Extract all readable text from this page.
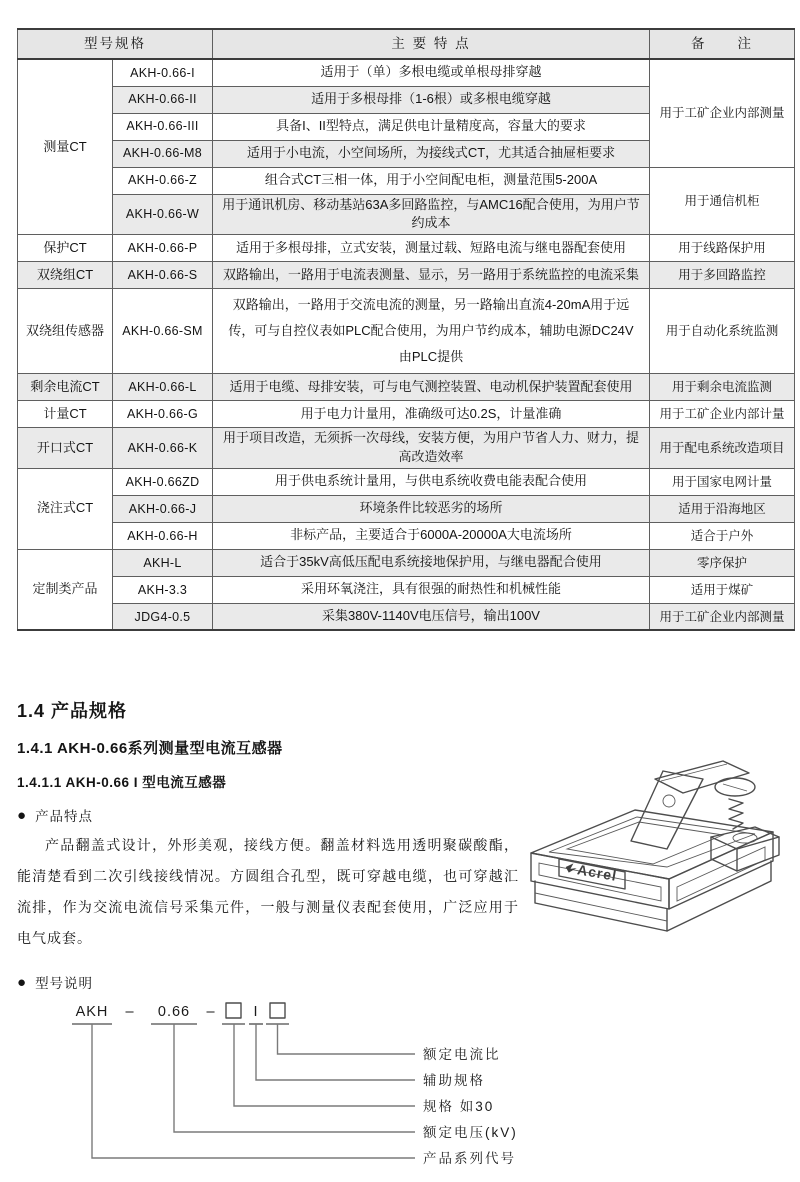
型号规格		主 要 特 点	备　　注
测量CT	AKH-0.66-I	适用于（单）多根电缆或单根母排穿越	用于工矿企业内部测量
	AKH-0.66-II	适用于多根母排（1-6根）或多根电缆穿越	
	AKH-0.66-III	具备I、II型特点，满足供电计量精度高，容量大的要求	
	AKH-0.66-M8	适用于小电流，小空间场所，为接线式CT，尤其适合抽屉柜要求	
	AKH-0.66-Z	组合式CT三相一体，用于小空间配电柜，测量范围5-200A	用于通信机柜
	AKH-0.66-W	用于通讯机房、移动基站63A多回路监控，与AMC16配合使用，为用户节约成本	
保护CT	AKH-0.66-P	适用于多根母排，立式安装，测量过载、短路电流与继电器配套使用	用于线路保护用
双绕组CT	AKH-0.66-S	双路输出，一路用于电流表测量、显示，另一路用于系统监控的电流采集	用于多回路监控
双绕组传感器	AKH-0.66-SM	双路输出，一路用于交流电流的测量，另一路输出直流4-20mA用于远传，可与自控仪表如PLC配合使用，为用户节约成本，辅助电源DC24V由PLC提供	用于自动化系统监测
剩余电流CT	AKH-0.66-L	适用于电缆、母排安装，可与电气测控装置、电动机保护装置配套使用	用于剩余电流监测
计量CT	AKH-0.66-G	用于电力计量用，准确级可达0.2S，计量准确	用于工矿企业内部计量
开口式CT	AKH-0.66-K	用于项目改造，无须拆一次母线，安装方便，为用户节省人力、财力，提高改造效率	用于配电系统改造项目
浇注式CT	AKH-0.66ZD	用于供电系统计量用，与供电系统收费电能表配合使用	用于国家电网计量
	AKH-0.66-J	环境条件比较恶劣的场所	适用于沿海地区
	AKH-0.66-H	非标产品，主要适合于6000A-20000A大电流场所	适合于户外
定制类产品	AKH-L	适合于35kV高低压配电系统接地保护用，与继电器配合使用	零序保护
	AKH-3.3	采用环氧浇注，具有很强的耐热性和机械性能	适用于煤矿
	JDG4-0.5	采集380V-1140V电压信号，输出100V	用于工矿企业内部测量
1.4 产品规格
1.4.1 AKH-0.66系列测量型电流互感器
1.4.1.1 AKH-0.66 I 型电流互感器
● 产品特点
产品翻盖式设计，外形美观，接线方便。翻盖材料选用透明聚碳酸酯，能清楚看到二次引线接线情况。方圆组合孔型，既可穿越电缆，也可穿越汇流排，作为交流电流信号采集元件，一般与测量仪表配套使用，广泛应用于电气成套。
Acrel
● 型号说明
AKH – 0.66 –	I
额定电流比
辅助规格
规格 如30
额定电压(kV)
产品系列代号
